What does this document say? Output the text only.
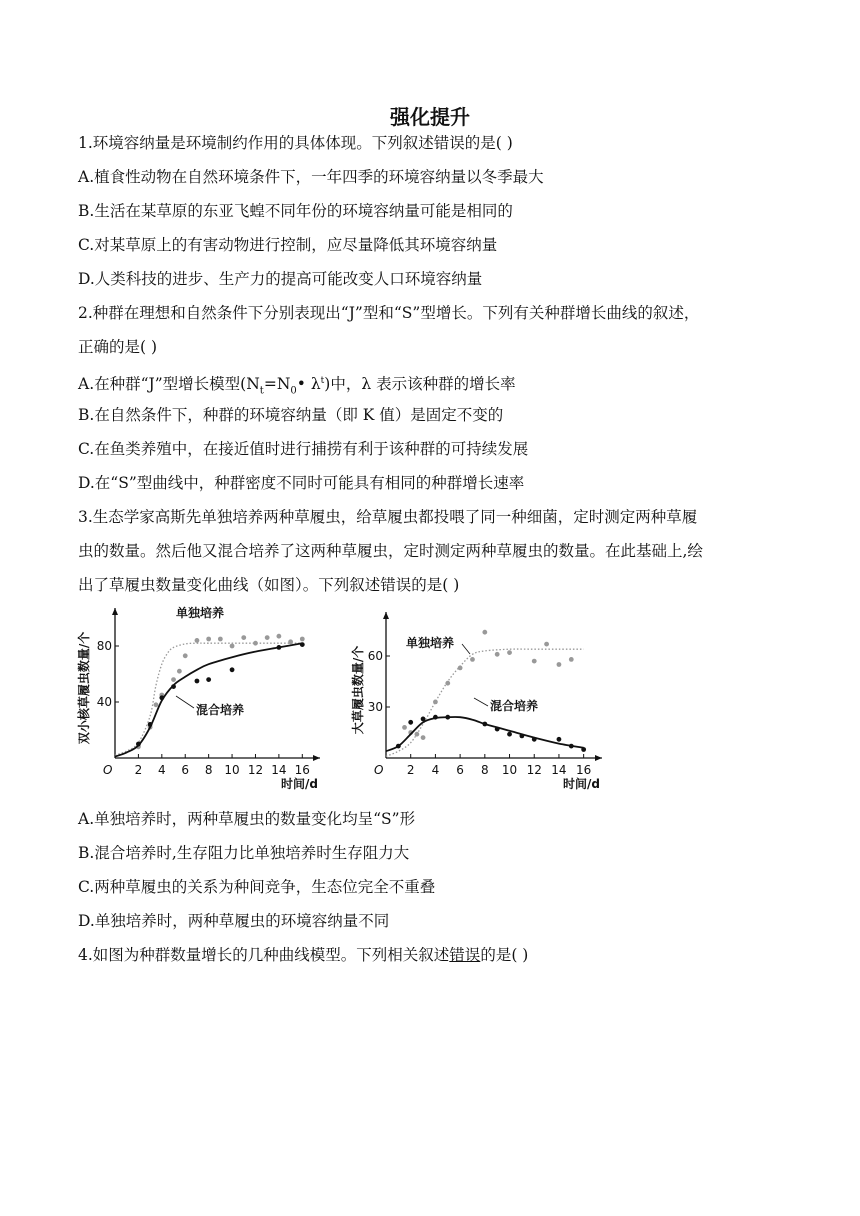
强化提升
1.环境容纳量是环境制约作用的具体体现。下列叙述错误的是( )
A.植食性动物在自然环境条件下，一年四季的环境容纳量以冬季最大
B.生活在某草原的东亚飞蝗不同年份的环境容纳量可能是相同的
C.对某草原上的有害动物进行控制，应尽量降低其环境容纳量
D.人类科技的进步、生产力的提高可能改变人口环境容纳量
2.种群在理想和自然条件下分别表现出“J”型和“S”型增长。下列有关种群增长曲线的叙述，
正确的是( )
A.在种群“J”型增长模型($N_t=N_0•$ $\lambda^t$)中，λ 表示该种群的增长率
B.在自然条件下，种群的环境容纳量（即 K 值）是固定不变的
C.在鱼类养殖中，在接近值时进行捕捞有利于该种群的可持续发展
D.在“S”型曲线中，种群密度不同时可能具有相同的种群增长速率
3.生态学家高斯先单独培养两种草履虫，给草履虫都投喂了同一种细菌，定时测定两种草履
虫的数量。然后他又混合培养了这两种草履虫，定时测定两种草履虫的数量。在此基础上,绘
出了草履虫数量变化曲线（如图）。下列叙述错误的是( )
O 2 4 6 8 10 12 14 16
40
80
时间/d
双小核草履虫数量/个
单独培养
混合培养
O 2 4 6 8 10 12 14 16
30
60
时间/d
大草履虫数量/个
单独培养
混合培养
A.单独培养时，两种草履虫的数量变化均呈“S”形
B.混合培养时,生存阻力比单独培养时生存阻力大
C.两种草履虫的关系为种间竞争，生态位完全不重叠
D.单独培养时，两种草履虫的环境容纳量不同
4.如图为种群数量增长的几种曲线模型。下列相关叙述错误的是( )
